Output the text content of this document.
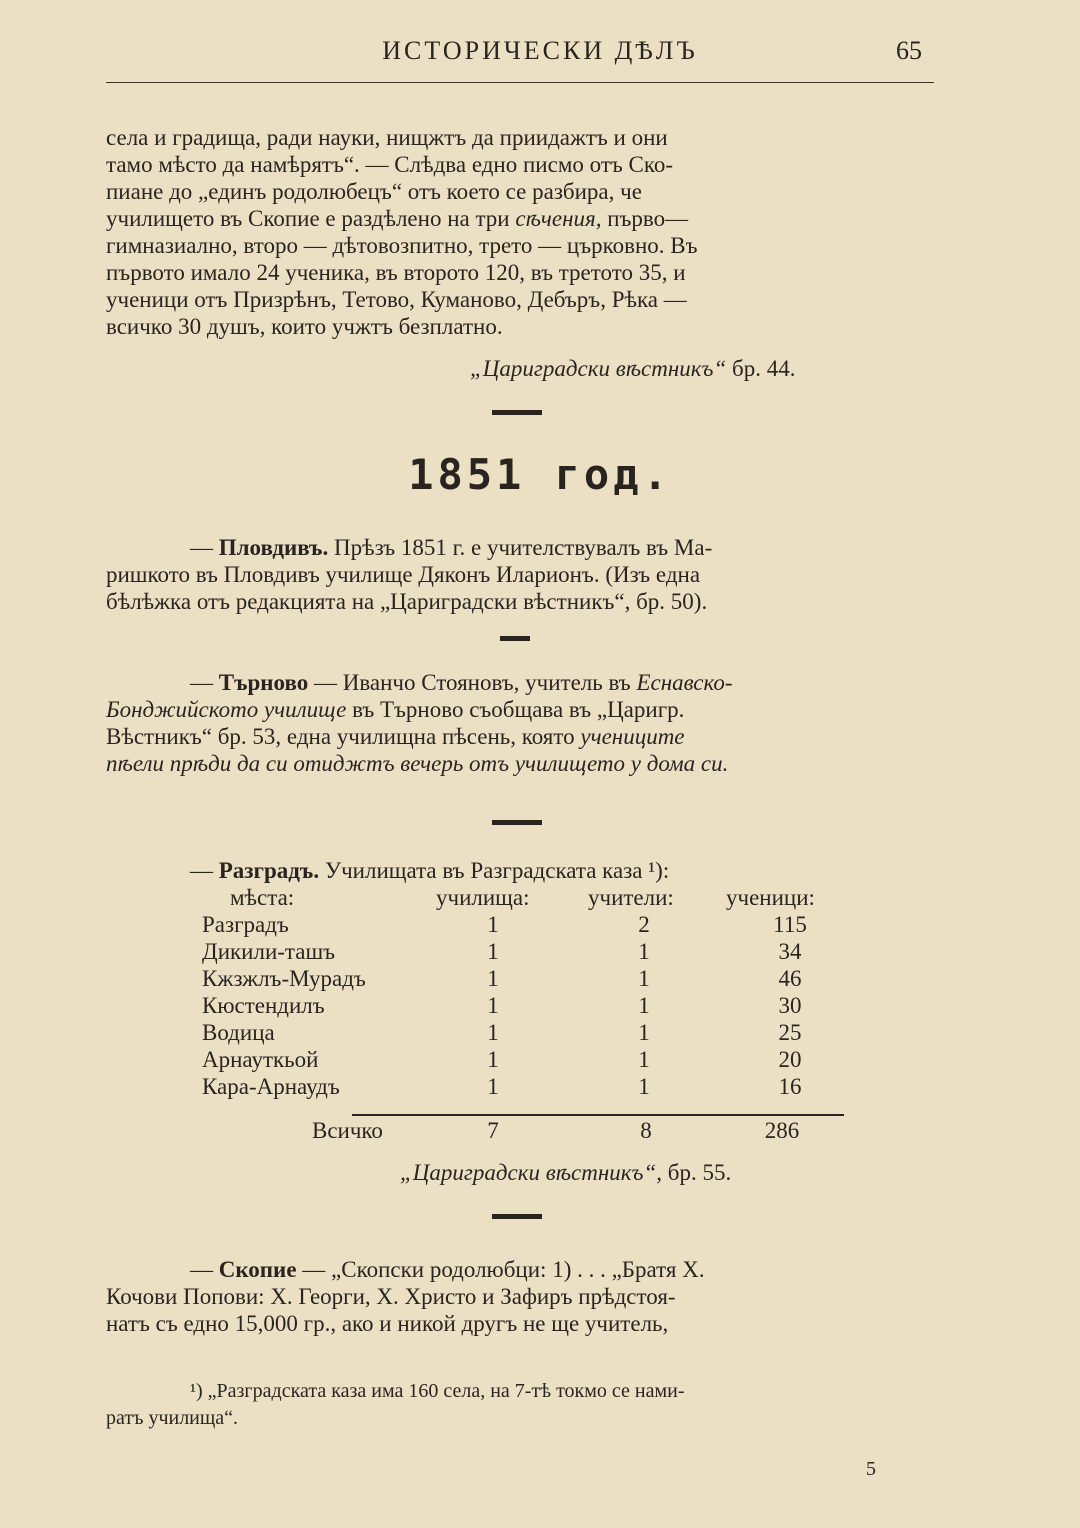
ИСТОРИЧЕСКИ ДѢЛЪ	65

села и градища, ради науки, нищжтъ да приидажтъ и они

тамо мѣсто да намѣрятъ“. — Слѣдва едно писмо отъ Ско-

пиане до „единъ родолюбецъ“ отъ което се разбира, че

училището въ Скопие е раздѣлено на три сѣчения, първо—

гимназиално, второ — дѣтовозпитно, трето — църковно. Въ

първото имало 24 ученика, въ второто 120, въ третото 35, и

ученици отъ Призрѣнъ, Тетово, Куманово, Дебъръ, Рѣка —

всичко 30 душъ, които учжтъ безплатно.

„Цариградски вѣстникъ“ бр. 44.
1851 год.

— Пловдивъ. Прѣзъ 1851 г. е учителствувалъ въ Ма-

ришкото въ Пловдивъ училище Дяконъ Иларионъ. (Изъ една

бѣлѣжка отъ редакцията на „Цариградски вѣстникъ“, бр. 50).

— Търново — Иванчо Стояновъ, учитель въ Еснавско-

Бонджийското училище въ Търново съобщава въ „Царигр.

Вѣстникъ“ бр. 53, една училищна пѣсень, която учениците

пѣели прѣди да си отиджтъ вечерь отъ училището у дома си.

— Разградъ. Училищата въ Разградската каза ¹):
мѣста:	училища:	учители: ученици:
Разградъ	1	2	115
Дикили-ташъ	1	1	34
Кжзжлъ-Мурадъ	1	1	46
Кюстендилъ	1	1	30
Водица	1	1	25
Арнауткьой	1	1	20
Кара-Арнаудъ	1	1	16
Всичко	7	8	286
„Цариградски вѣстникъ“, бр. 55.

— Скопие — „Скопски родолюбци: 1) . . . „Братя Х.

Кочови Попови: Х. Георги, Х. Христо и Зафиръ прѣдстоя-

натъ съ едно 15,000 гр., ако и никой другъ не ще учитель,

¹) „Разградската каза има 160 села, на 7-тѣ токмо се нами-

ратъ училища“.

5
